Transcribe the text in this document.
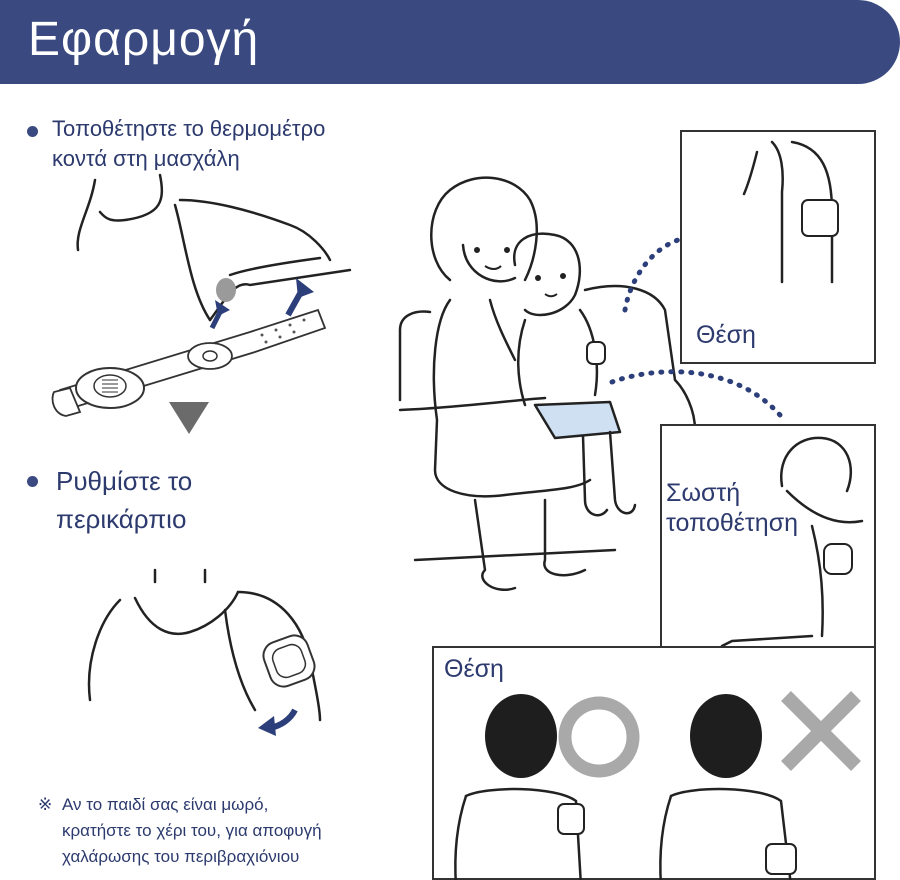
Εφαρμογή
Τοποθέτηστε το θερμομέτρο
κοντά στη μασχάλη
Ρυθμίστε το
περικάρπιο
※ Αν το παιδί σας είναι μωρό,
κρατήστε το χέρι του, για αποφυγή
χαλάρωσης του περιβραχιόνιου
Θέση
Σωστή
τοποθέτηση
Θέση
